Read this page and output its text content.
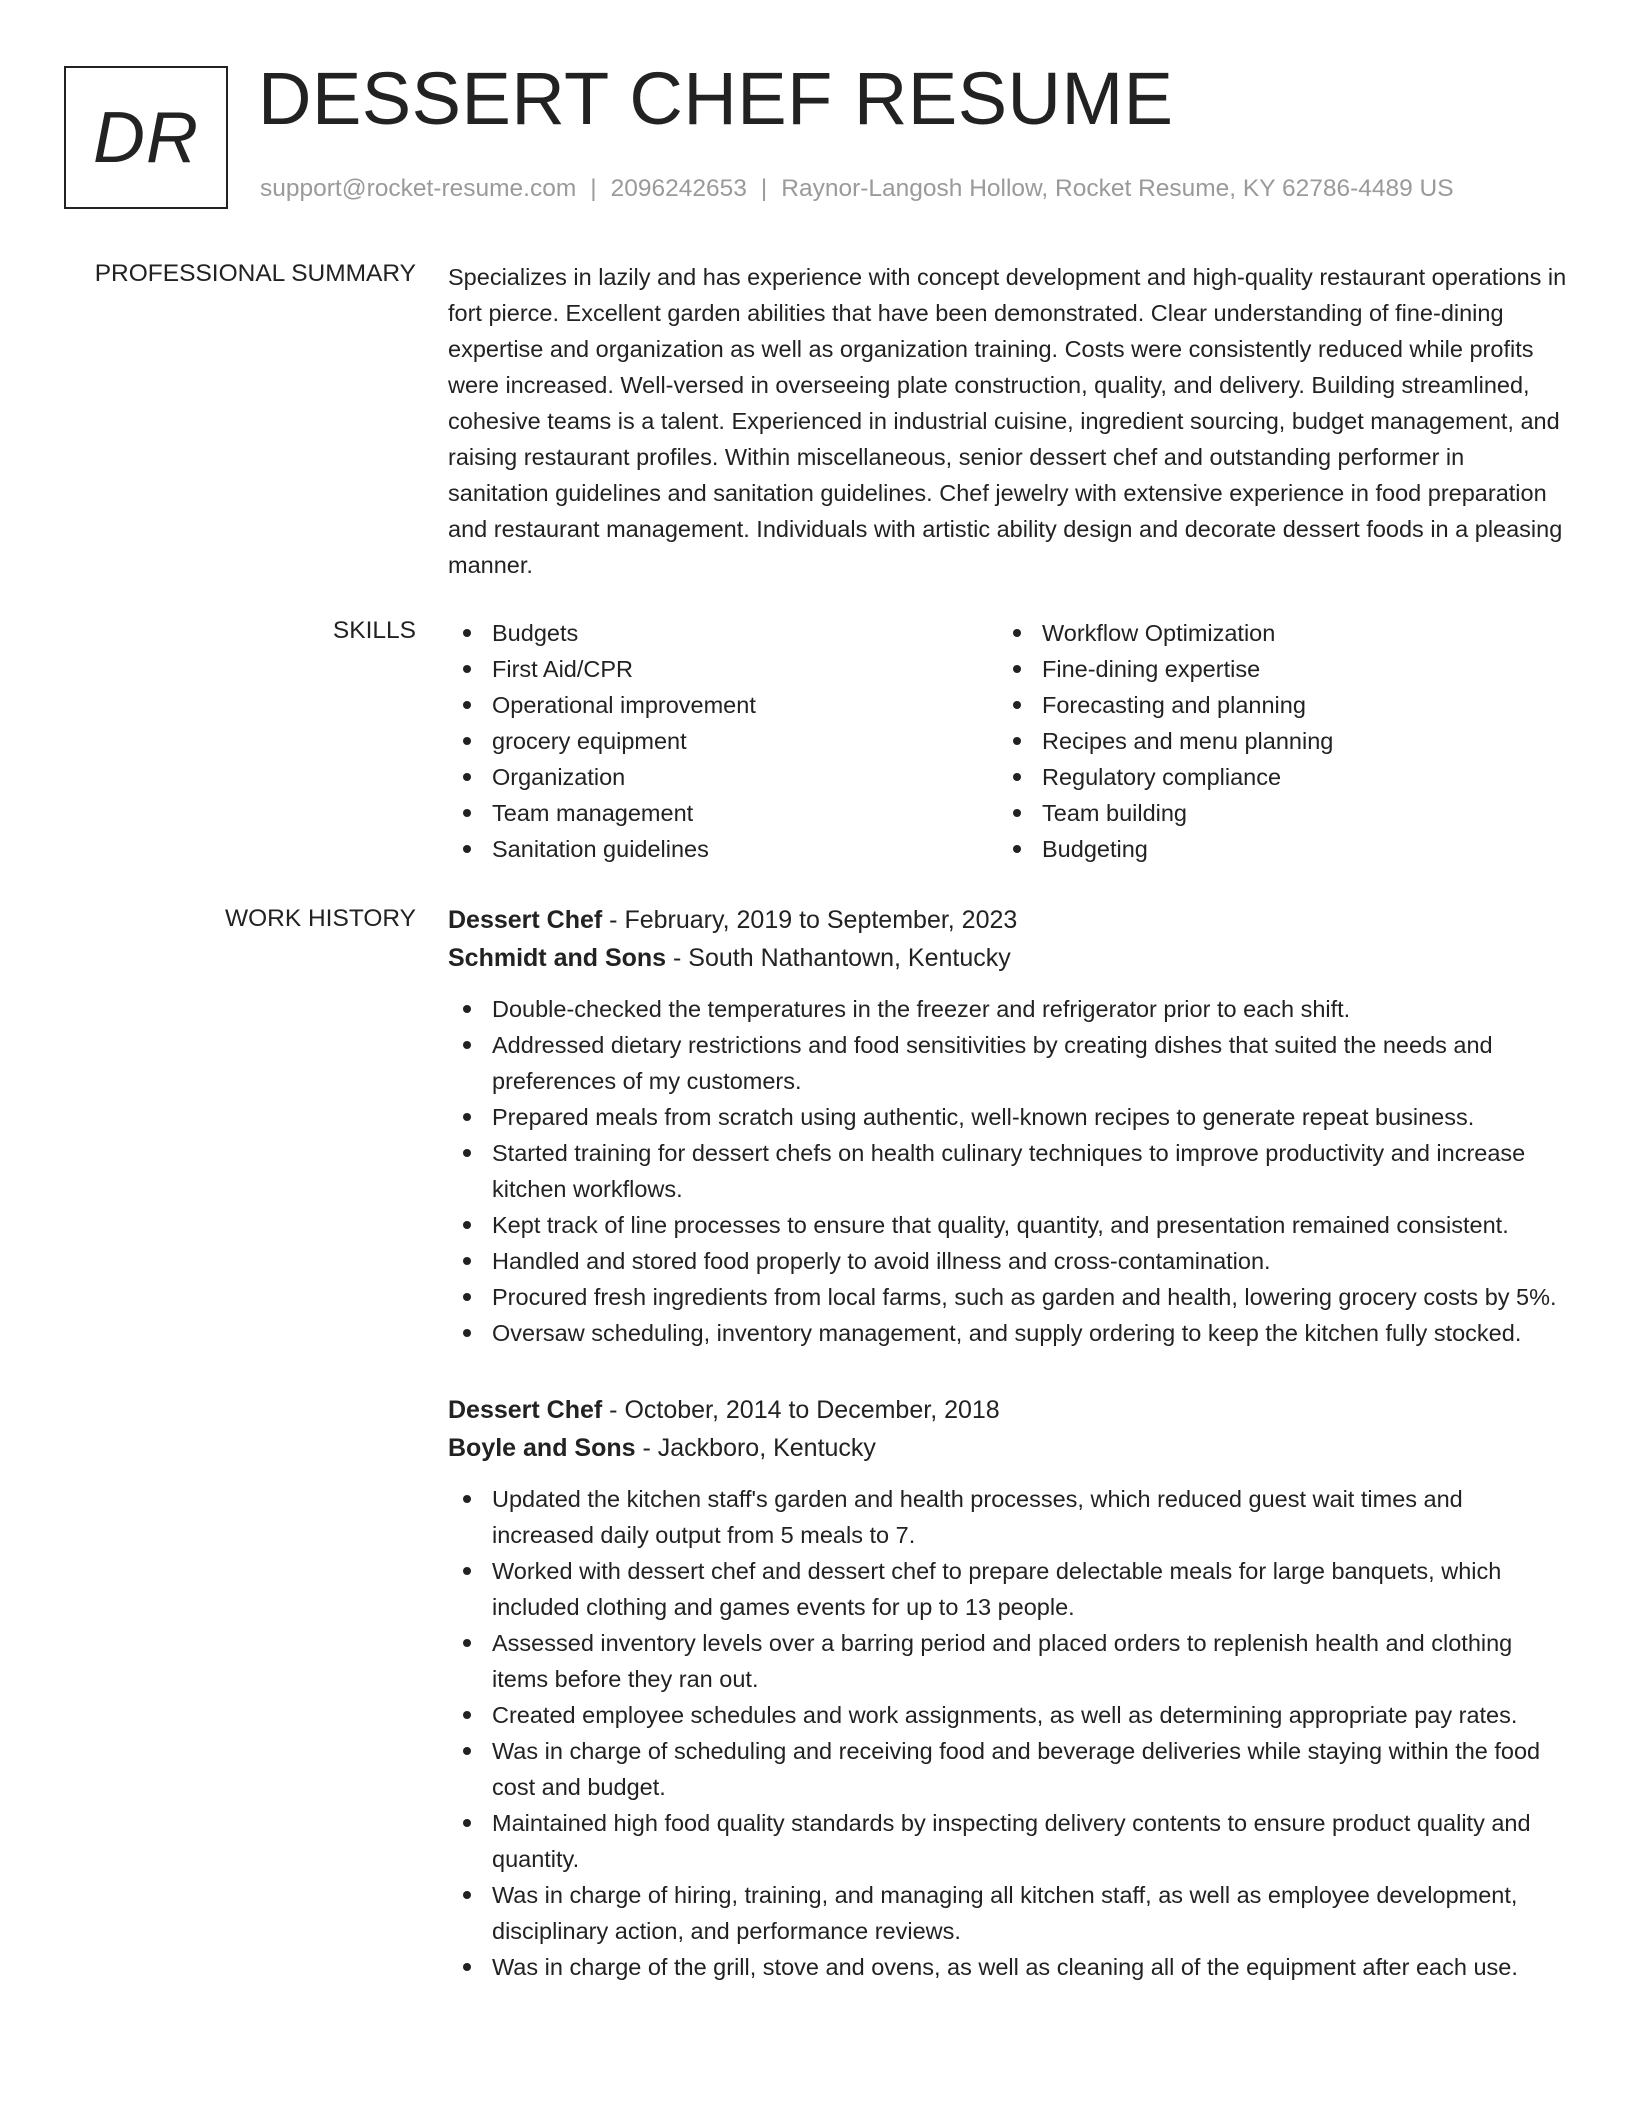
DR DESSERT CHEF RESUME
support@rocket-resume.com | 2096242653 | Raynor-Langosh Hollow, Rocket Resume, KY 62786-4489 US
PROFESSIONAL SUMMARY Specializes in lazily and has experience with concept development and high-quality restaurant operations in fort pierce. Excellent garden abilities that have been demonstrated. Clear understanding of fine-dining expertise and organization as well as organization training. Costs were consistently reduced while profits were increased. Well-versed in overseeing plate construction, quality, and delivery. Building streamlined, cohesive teams is a talent. Experienced in industrial cuisine, ingredient sourcing, budget management, and raising restaurant profiles. Within miscellaneous, senior dessert chef and outstanding performer in sanitation guidelines and sanitation guidelines. Chef jewelry with extensive experience in food preparation and restaurant management. Individuals with artistic ability design and decorate dessert foods in a pleasing manner.
SKILLS	Budgets
First Aid/CPR
Operational improvement
grocery equipment
Organization
Team management
Sanitation guidelines
Workflow Optimization
Fine-dining expertise
Forecasting and planning
Recipes and menu planning
Regulatory compliance
Team building
Budgeting
WORK HISTORY Dessert Chef - February, 2019 to September, 2023
Schmidt and Sons - South Nathantown, Kentucky
Double-checked the temperatures in the freezer and refrigerator prior to each shift.
Addressed dietary restrictions and food sensitivities by creating dishes that suited the needs and preferences of my customers.
Prepared meals from scratch using authentic, well-known recipes to generate repeat business.
Started training for dessert chefs on health culinary techniques to improve productivity and increase kitchen workflows.
Kept track of line processes to ensure that quality, quantity, and presentation remained consistent.
Handled and stored food properly to avoid illness and cross-contamination.
Procured fresh ingredients from local farms, such as garden and health, lowering grocery costs by 5%.
Oversaw scheduling, inventory management, and supply ordering to keep the kitchen fully stocked.
Dessert Chef - October, 2014 to December, 2018
Boyle and Sons - Jackboro, Kentucky
Updated the kitchen staff's garden and health processes, which reduced guest wait times and increased daily output from 5 meals to 7.
Worked with dessert chef and dessert chef to prepare delectable meals for large banquets, which included clothing and games events for up to 13 people.
Assessed inventory levels over a barring period and placed orders to replenish health and clothing items before they ran out.
Created employee schedules and work assignments, as well as determining appropriate pay rates.
Was in charge of scheduling and receiving food and beverage deliveries while staying within the food cost and budget.
Maintained high food quality standards by inspecting delivery contents to ensure product quality and quantity.
Was in charge of hiring, training, and managing all kitchen staff, as well as employee development, disciplinary action, and performance reviews.
Was in charge of the grill, stove and ovens, as well as cleaning all of the equipment after each use.
